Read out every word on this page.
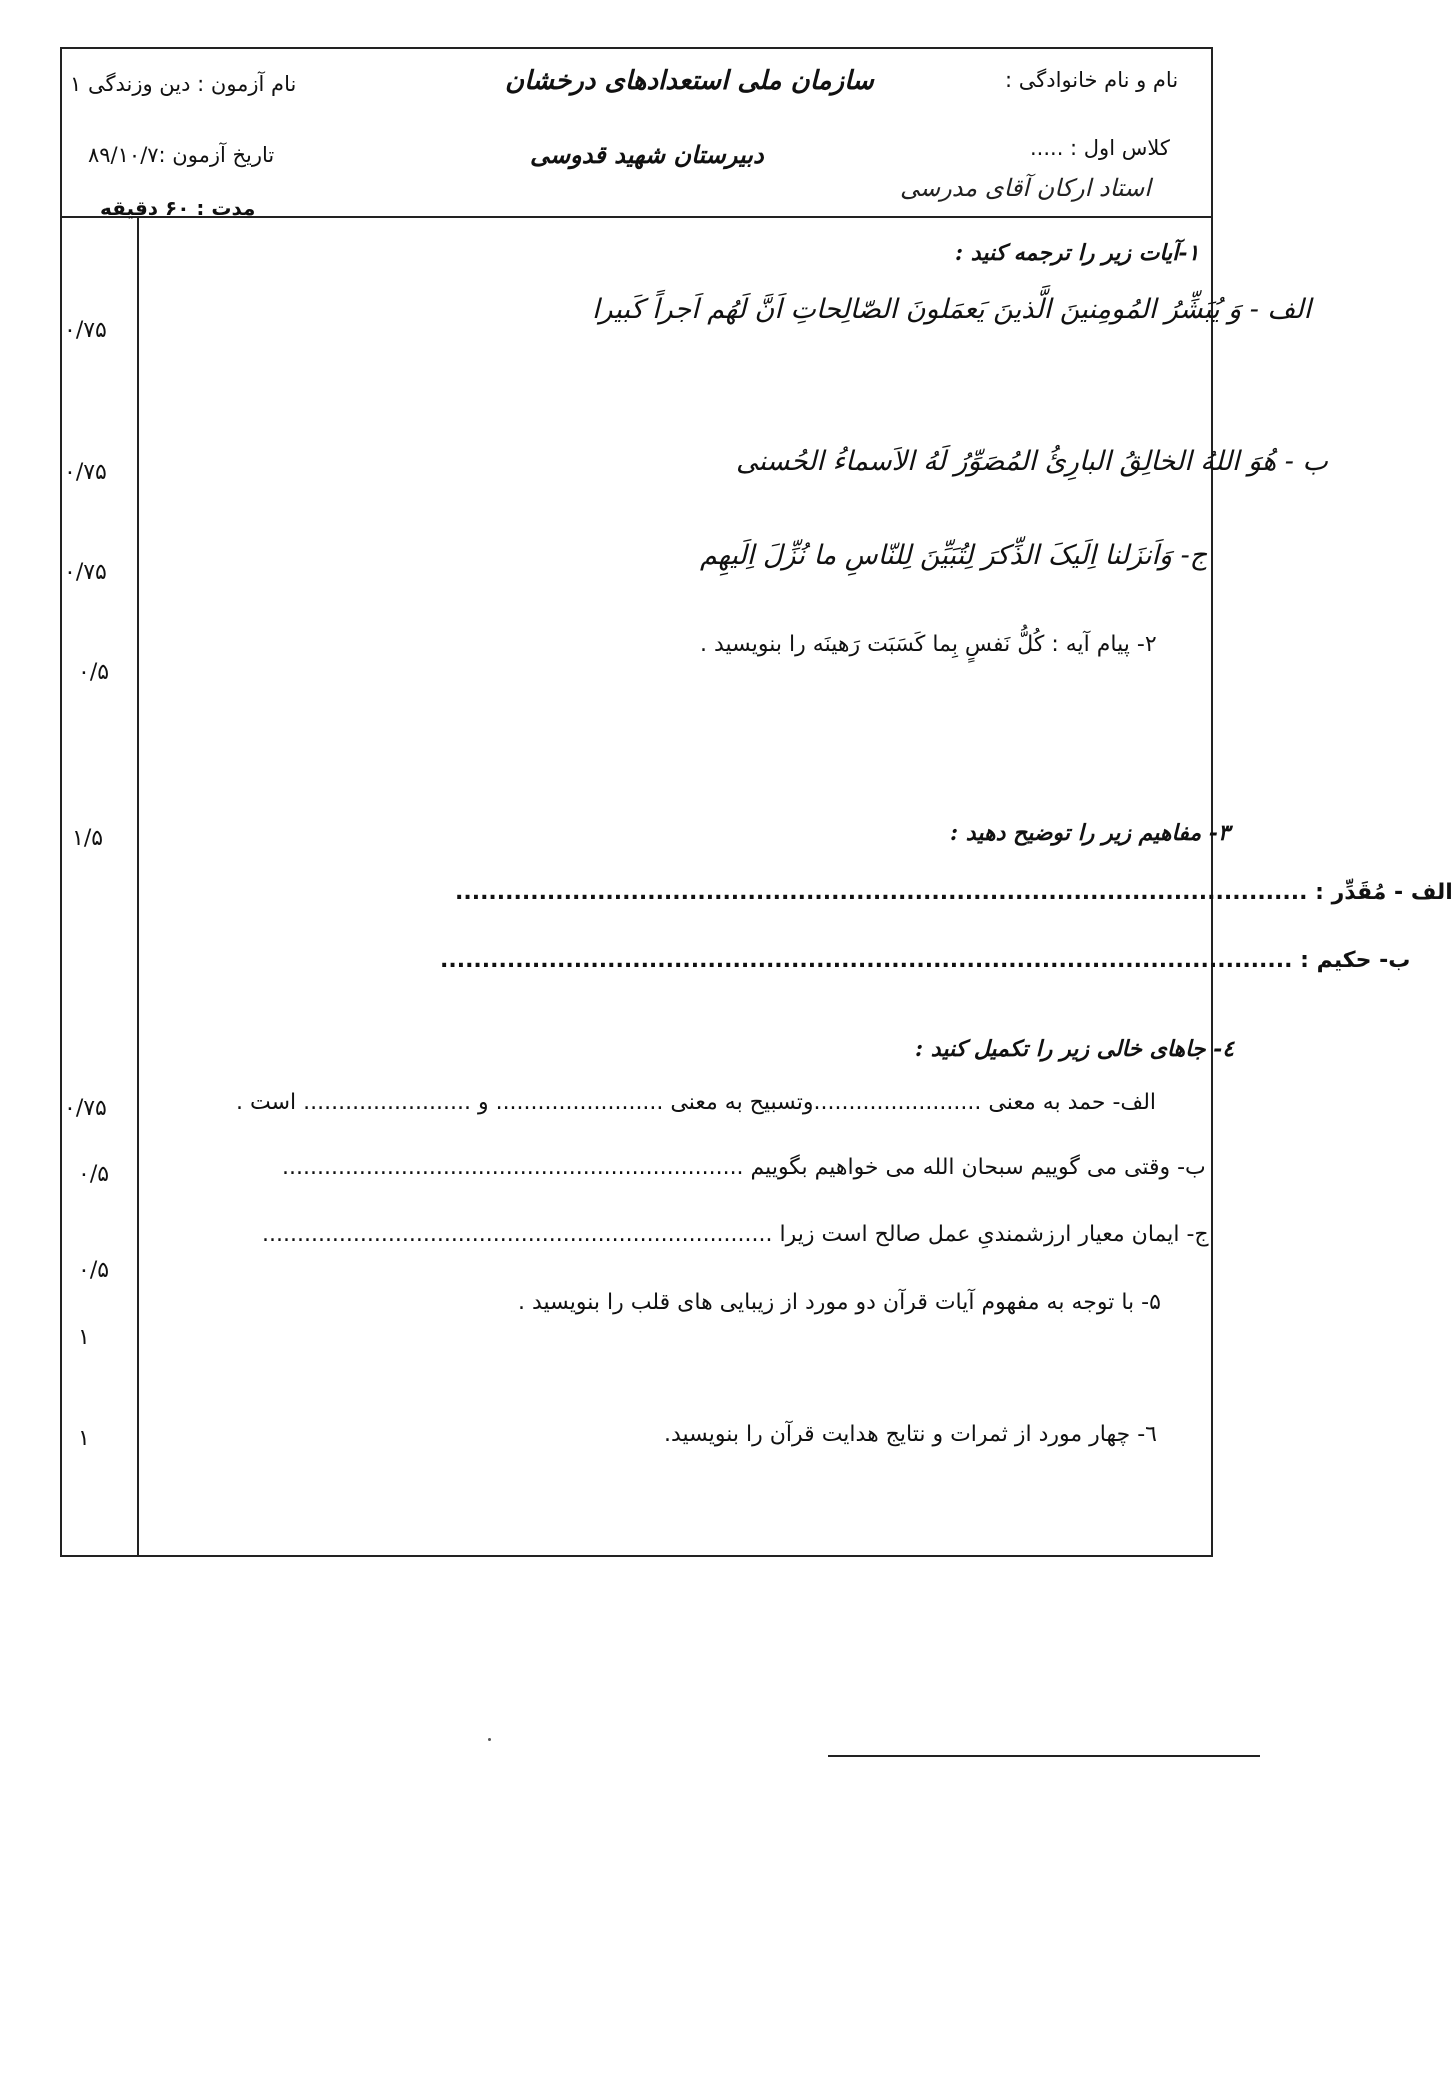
نام و نام خانوادگی :
سازمان ملی استعدادهای درخشان
نام آزمون : دین وزندگی ۱
کلاس اول : .....
دبیرستان شهید قدوسی
تاریخ آزمون :۸۹/۱۰/۷
استاد ارکان آقای مدرسی
مدت : ۶۰ دقیقه
۱-آیات زیر را ترجمه کنید :
الف - وَ یُبَشِّرُ المُومِنینَ الَّذینَ یَعمَلونَ الصّالِحاتِ اَنَّ لَهُم اَجراً کَبیرا
۰/۷۵
ب - هُوَ اللهُ الخالِقُ البارِئُ المُصَوِّرُ لَهُ الاَسماءُ الحُسنی
۰/۷۵
ج- وَاَنزَلنا اِلَیکَ الذِّکرَ لِتُبَیِّنَ لِلنّاسِ ما نُزِّلَ اِلَیهِم
۰/۷۵
۲- پیام آیه : کُلُّ نَفسٍ بِما کَسَبَت رَهینَه را بنویسید .
۰/۵
۳- مفاهیم زیر را توضیح دهید :
۱/۵
الف - مُقَدِّر : ......................................................................................................
ب- حکیم : ......................................................................................................
٤- جاهای خالی زیر را تکمیل کنید :
الف- حمد به معنی ........................وتسبیح به معنی ........................ و ........................ است .
۰/۷۵
ب- وقتی می گوییم سبحان الله می خواهیم بگوییم ..................................................................
۰/۵
ج- ایمان معیار ارزشمندیِ عمل صالح است زیرا .........................................................................
۰/۵
۵- با توجه به مفهوم آیات قرآن دو مورد از زیبایی های قلب را بنویسید .
۱
٦- چهار مورد از ثمرات و نتایج هدایت قرآن را بنویسید.
۱
